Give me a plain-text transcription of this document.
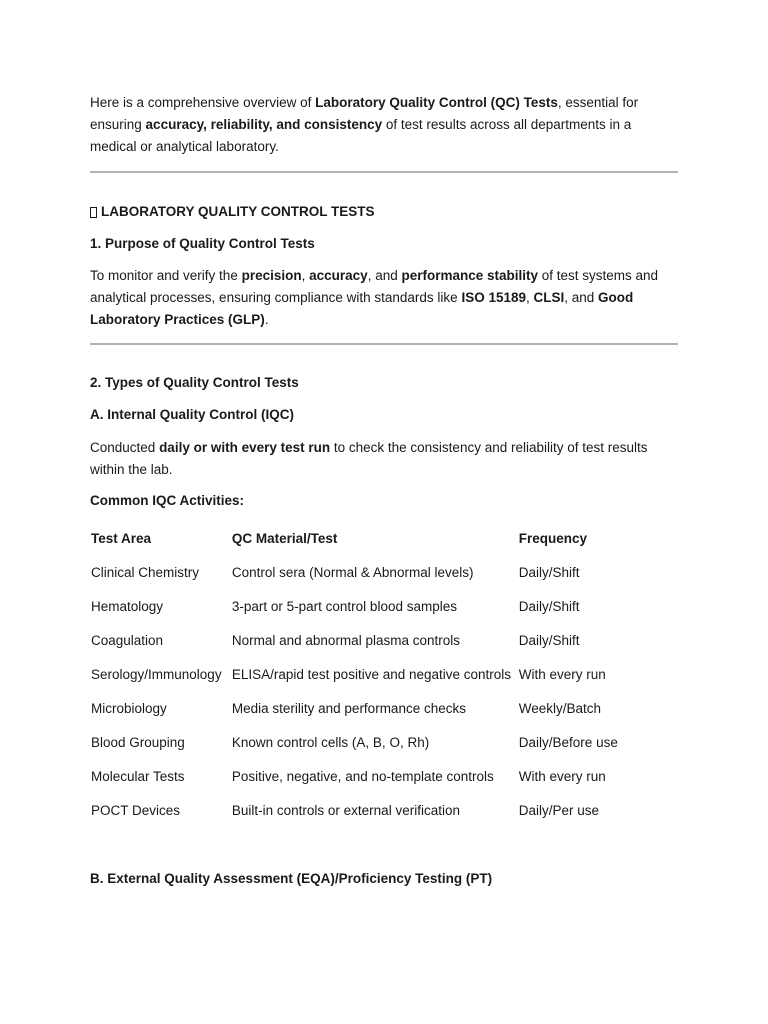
Here is a comprehensive overview of Laboratory Quality Control (QC) Tests, essential for ensuring accuracy, reliability, and consistency of test results across all departments in a medical or analytical laboratory.

LABORATORY QUALITY CONTROL TESTS
1. Purpose of Quality Control Tests

To monitor and verify the precision, accuracy, and performance stability of test systems and analytical processes, ensuring compliance with standards like ISO 15189, CLSI, and Good Laboratory Practices (GLP).

2. Types of Quality Control Tests
A. Internal Quality Control (IQC)

Conducted daily or with every test run to check the consistency and reliability of test results within the lab.

Common IQC Activities:
Test Area	QC Material/Test	Frequency
Clinical Chemistry	Control sera (Normal & Abnormal levels)	Daily/Shift
Hematology	3-part or 5-part control blood samples	Daily/Shift
Coagulation	Normal and abnormal plasma controls	Daily/Shift
Serology/Immunology	ELISA/rapid test positive and negative controls	With every run
Microbiology	Media sterility and performance checks	Weekly/Batch
Blood Grouping	Known control cells (A, B, O, Rh)	Daily/Before use
Molecular Tests	Positive, negative, and no-template controls	With every run
POCT Devices	Built-in controls or external verification	Daily/Per use
B. External Quality Assessment (EQA)/Proficiency Testing (PT)
